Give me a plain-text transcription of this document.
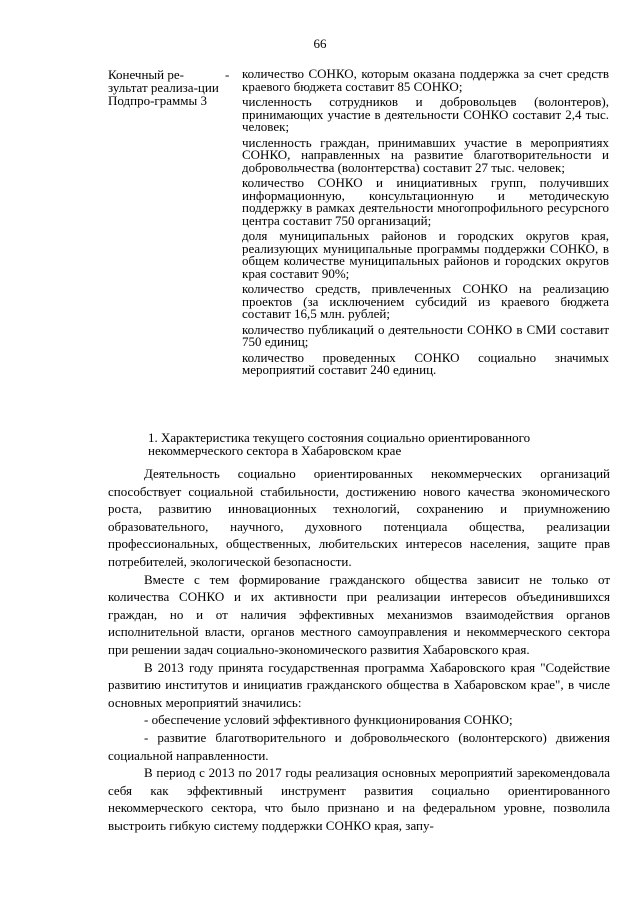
66
Конечный ре-зультат реализа-ции Подпро-граммы 3
- количество СОНКО, которым оказана поддержка за счет средств краевого бюджета составит 85 СОНКО;

численность сотрудников и добровольцев (волонтеров), принимающих участие в деятельности СОНКО составит 2,4 тыс. человек;

численность граждан, принимавших участие в мероприятиях СОНКО, направленных на развитие благотворительности и добровольчества (волонтерства) составит 27 тыс. человек;

количество СОНКО и инициативных групп, получивших информационную, консультационную и методическую поддержку в рамках деятельности многопрофильного ресурсного центра составит 750 организаций;

доля муниципальных районов и городских округов края, реализующих муниципальные программы поддержки СОНКО, в общем количестве муниципальных районов и городских округов края составит 90%;

количество средств, привлеченных СОНКО на реализацию проектов (за исключением субсидий из краевого бюджета составит 16,5 млн. рублей;

количество публикаций о деятельности СОНКО в СМИ составит 750 единиц;

количество проведенных СОНКО социально значимых мероприятий составит 240 единиц.

1. Характеристика текущего состояния социально ориентированного некоммерческого сектора в Хабаровском крае

Деятельность социально ориентированных некоммерческих организаций способствует социальной стабильности, достижению нового качества экономического роста, развитию инновационных технологий, сохранению и приумножению образовательного, научного, духовного потенциала общества, реализации профессиональных, общественных, любительских интересов населения, защите прав потребителей, экологической безопасности.

Вместе с тем формирование гражданского общества зависит не только от количества СОНКО и их активности при реализации интересов объединившихся граждан, но и от наличия эффективных механизмов взаимодействия органов исполнительной власти, органов местного самоуправления и некоммерческого сектора при решении задач социально-экономического развития Хабаровского края.

В 2013 году принята государственная программа Хабаровского края "Содействие развитию институтов и инициатив гражданского общества в Хабаровском крае", в числе основных мероприятий значились:

- обеспечение условий эффективного функционирования СОНКО;

- развитие благотворительного и добровольческого (волонтерского) движения социальной направленности.

В период с 2013 по 2017 годы реализация основных мероприятий зарекомендовала себя как эффективный инструмент развития социально ориентированного некоммерческого сектора, что было признано и на федеральном уровне, позволила выстроить гибкую систему поддержки СОНКО края, запу-
